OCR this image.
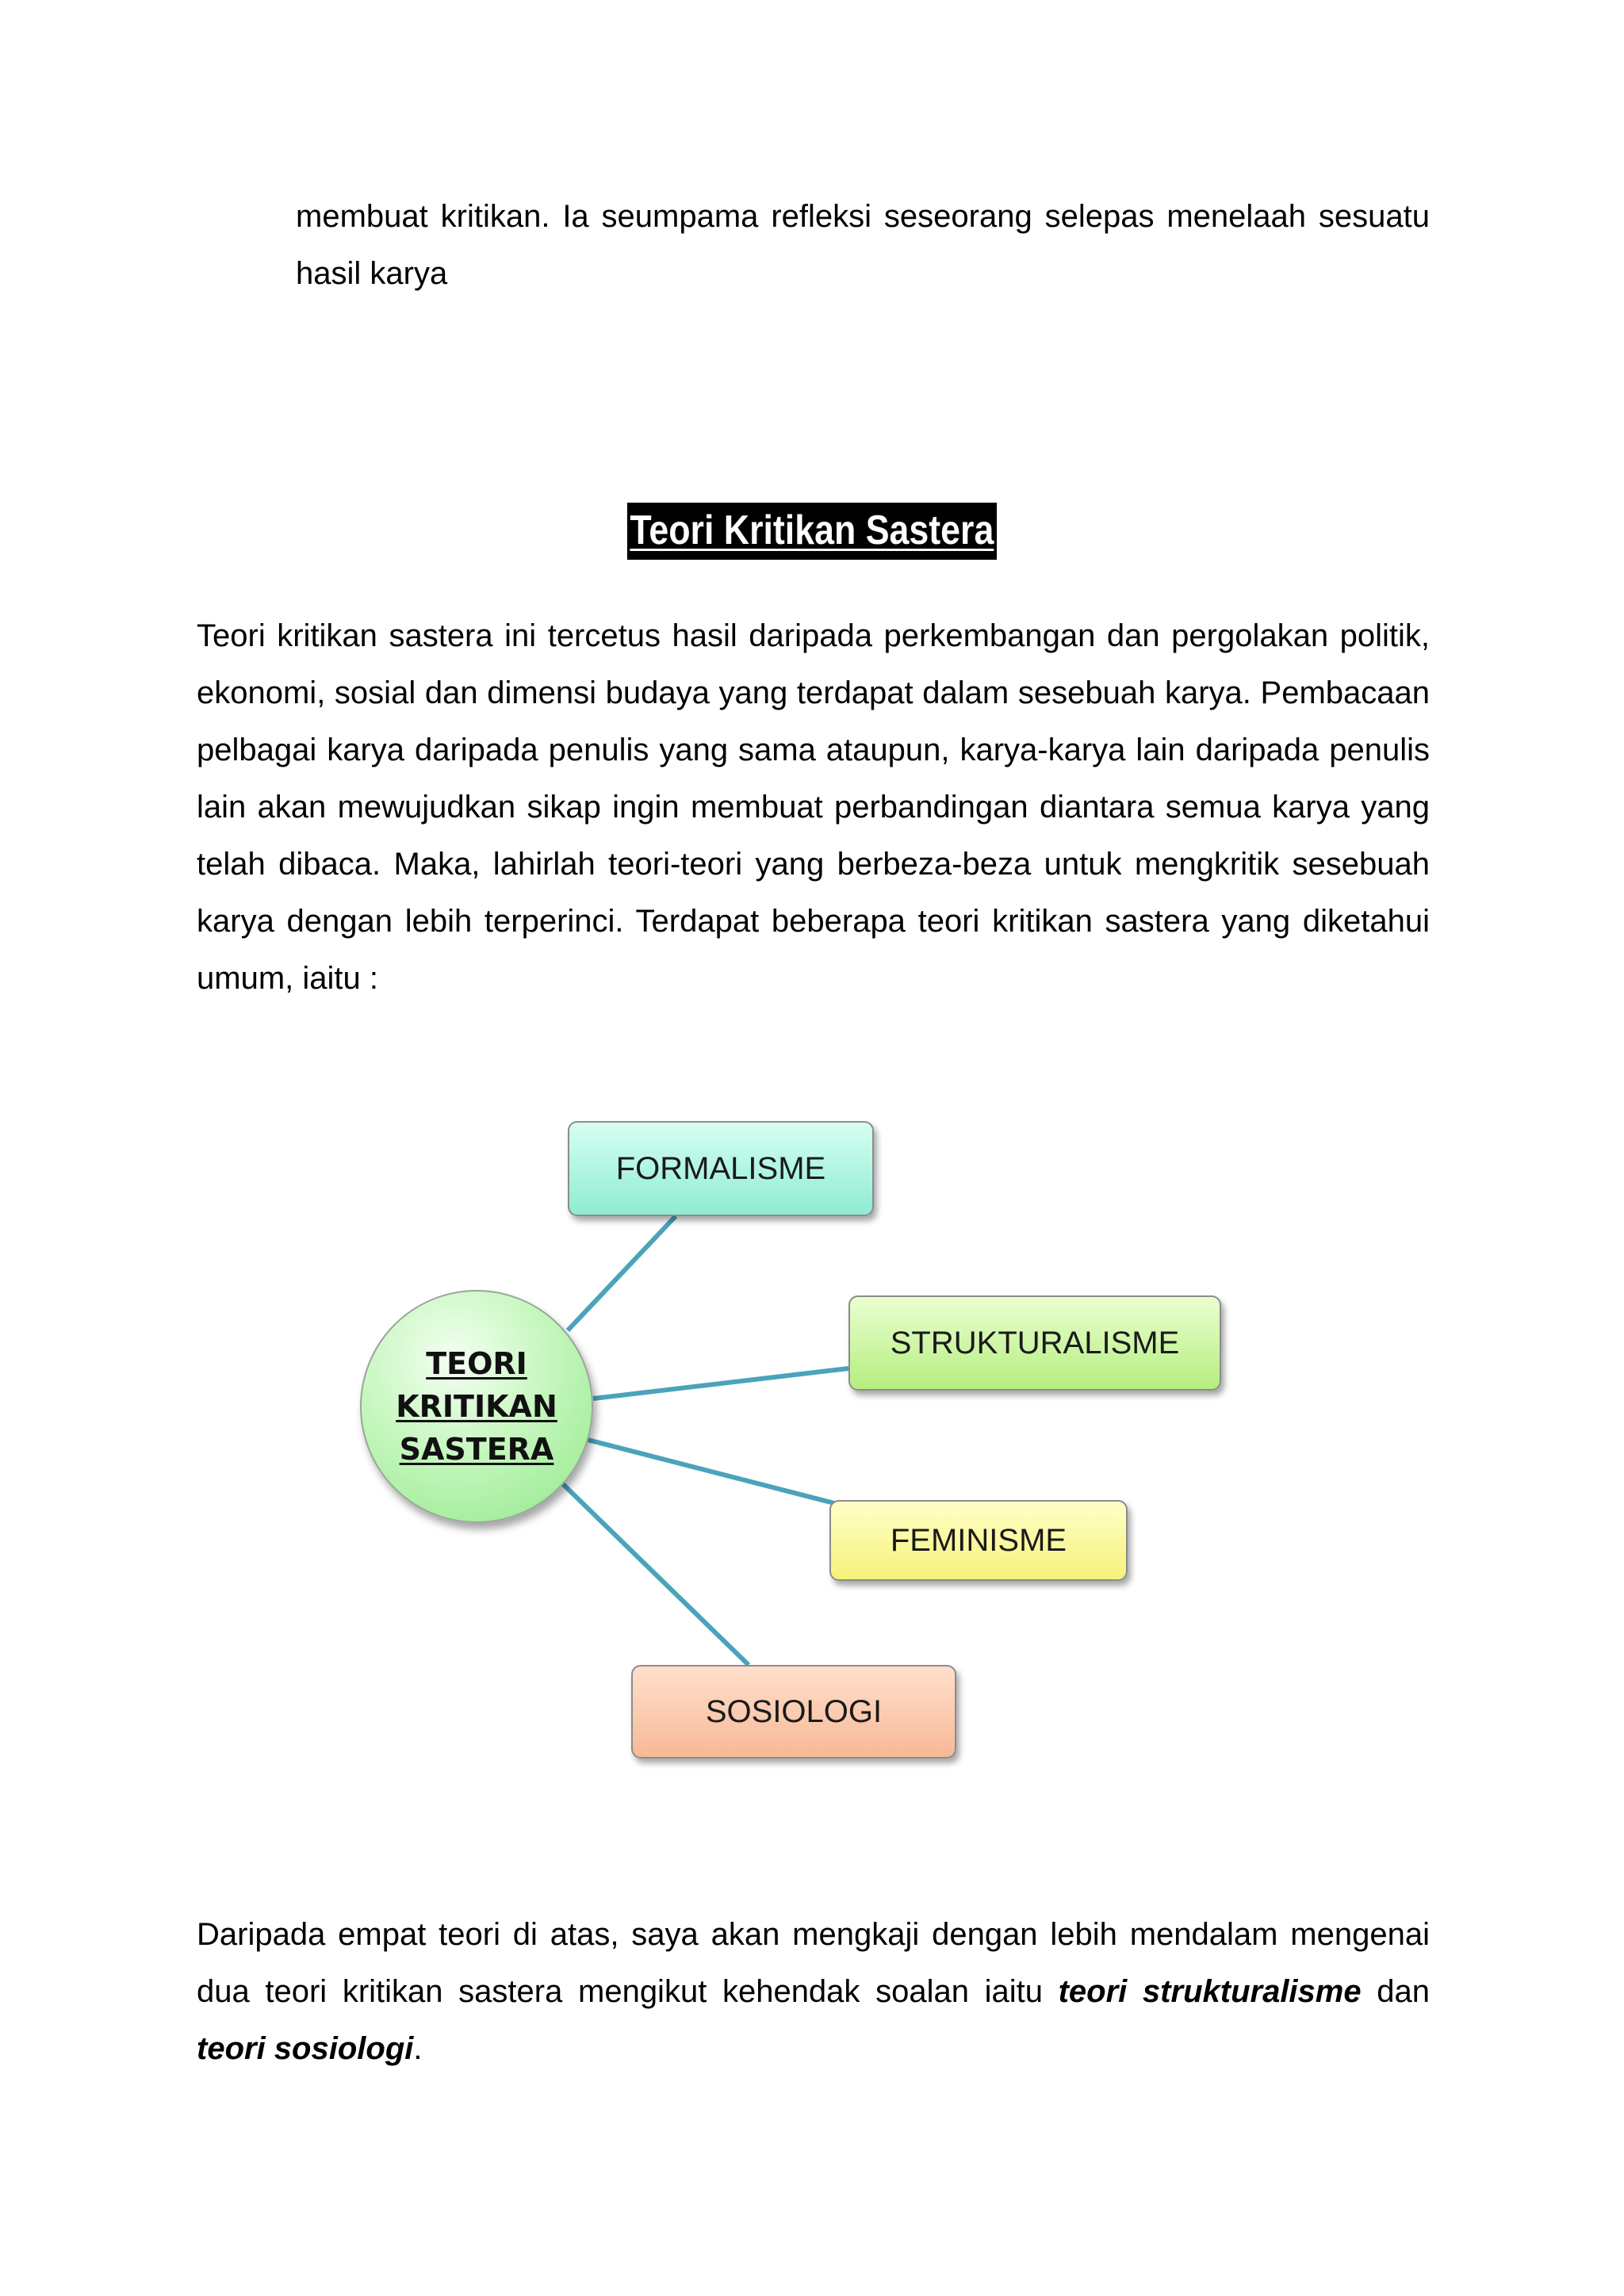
membuat kritikan. Ia seumpama refleksi seseorang selepas menelaah sesuatu hasil karya

Teori Kritikan Sastera

Teori kritikan sastera ini tercetus hasil daripada perkembangan dan pergolakan politik, ekonomi, sosial dan dimensi budaya yang terdapat dalam sesebuah karya. Pembacaan pelbagai karya daripada penulis yang sama ataupun, karya-karya lain daripada penulis lain akan mewujudkan sikap ingin membuat perbandingan diantara semua karya yang telah dibaca. Maka, lahirlah teori-teori yang berbeza-beza untuk mengkritik sesebuah karya dengan lebih terperinci. Terdapat beberapa teori kritikan sastera yang diketahui umum, iaitu :

FORMALISME
STRUKTURALISME
FEMINISME
SOSIOLOGI
TEORI
KRITIKAN
SASTERA

Daripada empat teori di atas, saya akan mengkaji dengan lebih mendalam mengenai dua teori kritikan sastera mengikut kehendak soalan iaitu teori strukturalisme dan teori sosiologi.
